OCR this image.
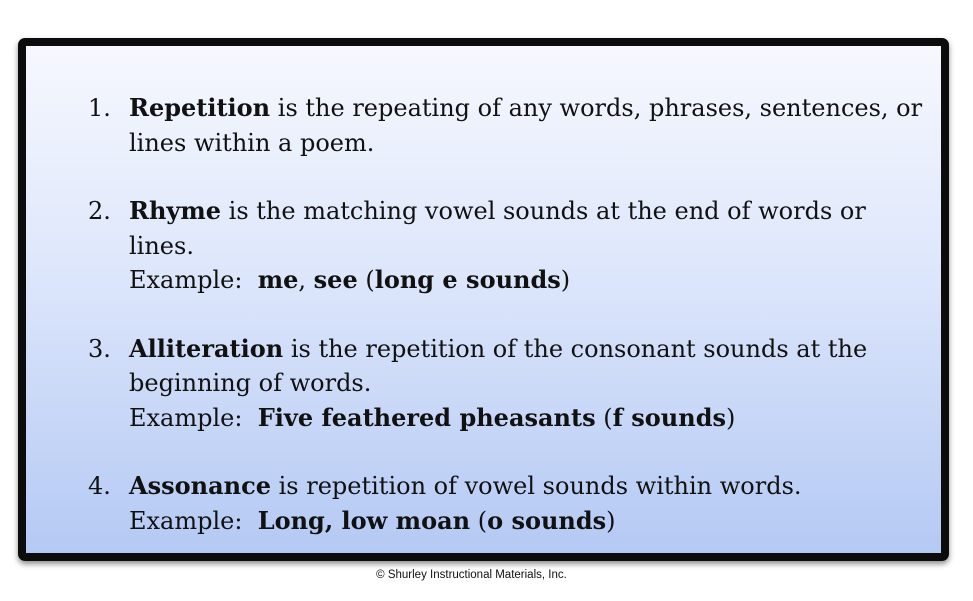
1. Repetition is the repeating of any words, phrases, sentences, or lines within a poem.
2. Rhyme is the matching vowel sounds at the end of words or lines.
Example:  me, see (long e sounds)
3. Alliteration is the repetition of the consonant sounds at the beginning of words.
Example:  Five feathered pheasants (f sounds)
4. Assonance is repetition of vowel sounds within words.
Example:  Long, low moan (o sounds)
© Shurley Instructional Materials, Inc.
